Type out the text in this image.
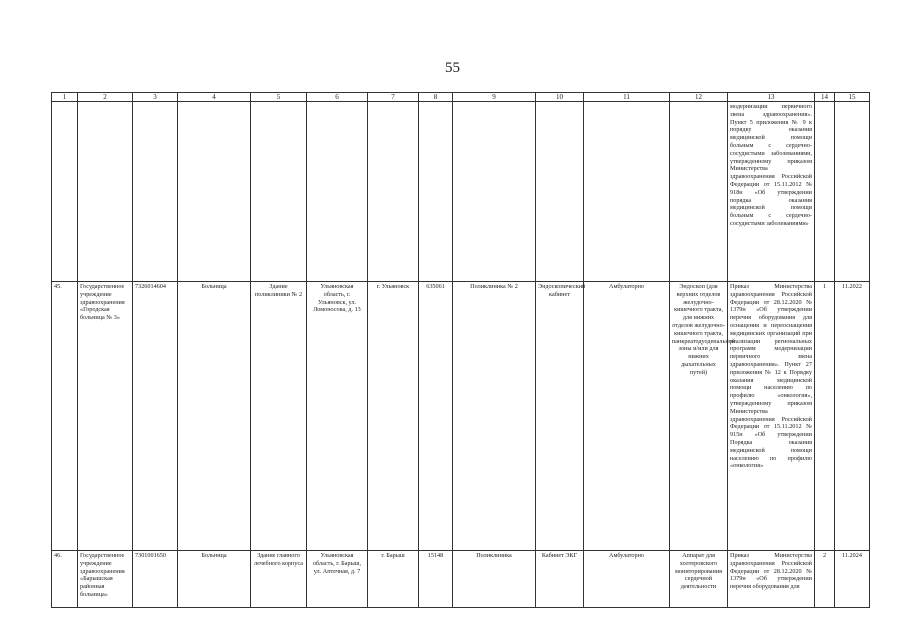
55
1	2	3	4	5	6	7	8	9	10	11	12	13	14	15
												модернизации первичного звена здравоохранения». Пункт 5 приложения № 9 к порядку оказания медицинской помощи больным с сердечно-сосудистыми заболеваниями, утвержденному приказом Министерства здравоохранения Российской Федерации от 15.11.2012 № 918н «Об утверждении порядка оказания медицинской помощи больным с сердечно-сосудистыми заболеваниями»		
45.	Государственное учреждение здравоохранения «Городская больница № 3»	7326014604	Больница	Здание поликлиники № 2	Ульяновская область, г. Ульяновск, ул. Ломоносова, д. 13	г. Ульяновск	635061	Поликлиника № 2	Эндоскопический кабинет	Амбулаторно	Эндоскоп (для верхних отделов желудочно-кишечного тракта, для нижних отделов желудочно-кишечного тракта, панкреатодуоденальной зоны и/или для нижних дыхательных путей)	Приказ Министерства здравоохранения Российской Федерации от 28.12.2020 № 1379н «Об утверждении перечня оборудования для оснащения и переоснащения медицинских организаций при реализации региональных программ модернизации первичного звена здравоохранения». Пункт 27 приложения № 12 к Порядку оказания медицинской помощи населению по профилю «онкология», утвержденному приказом Министерства здравоохранения Российской Федерации от 15.11.2012 № 915н «Об утверждении Порядка оказания медицинской помощи населению по профилю «онкология»	1	11.2022
46.	Государственное учреждение здравоохранения «Барышская районная больница»	7301001650	Больница	Здание главного лечебного корпуса	Ульяновская область, г. Барыш, ул. Аптечная, д. 7	г. Барыш	15148	Поликлиника	Кабинет ЭКГ	Амбулаторно	Аппарат для холтеровского мониторирования сердечной деятельности	Приказ Министерства здравоохранения Российской Федерации от 28.12.2020 № 1379н «Об утверждении перечня оборудования для	2	11.2024
